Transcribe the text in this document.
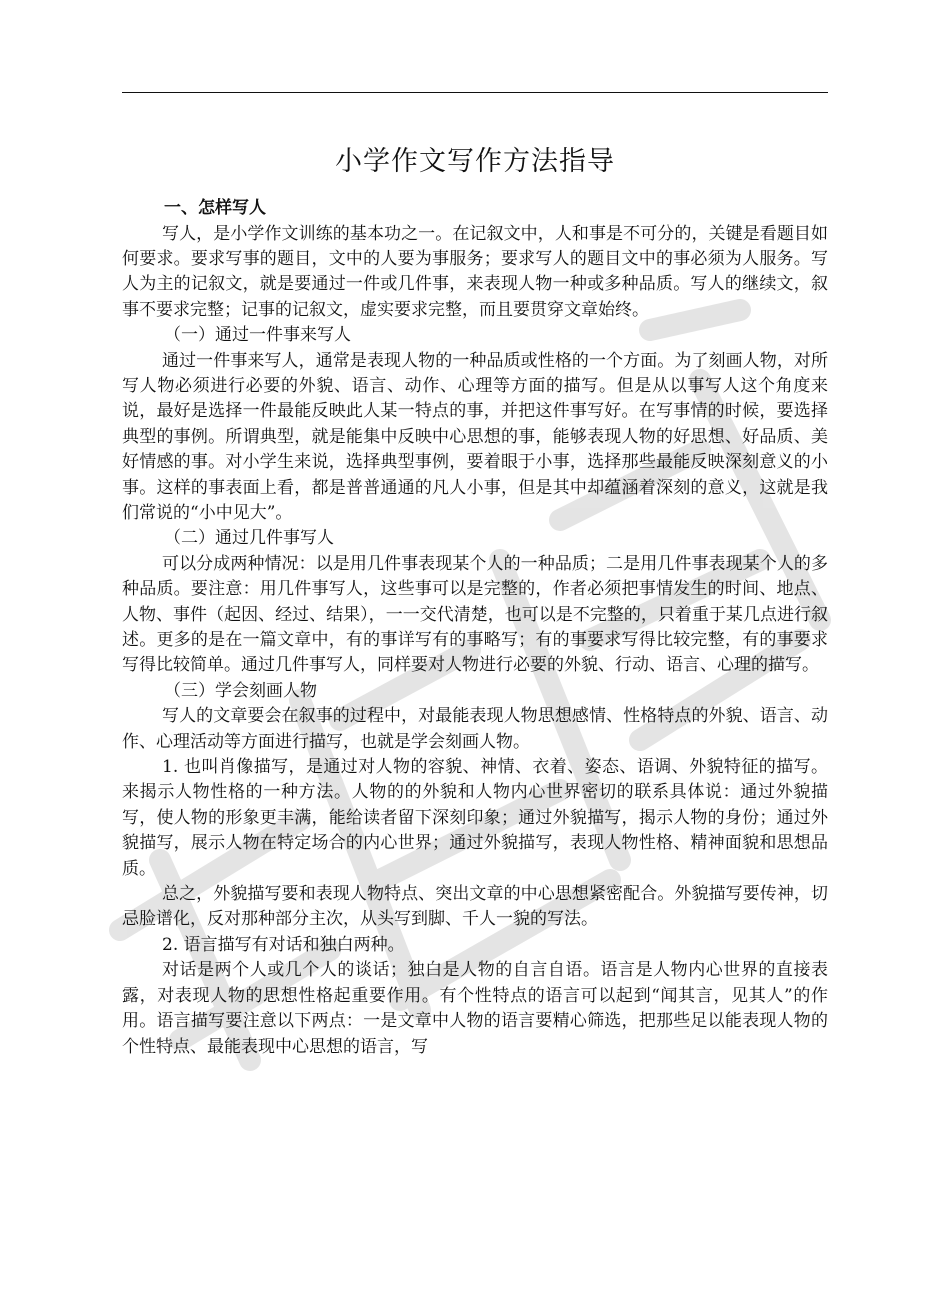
小学作文写作方法指导
一、怎样写人

写人，是小学作文训练的基本功之一。在记叙文中，人和事是不可分的，关键是看题目如何要求。要求写事的题目，文中的人要为事服务；要求写人的题目文中的事必须为人服务。写人为主的记叙文，就是要通过一件或几件事，来表现人物一种或多种品质。写人的继续文，叙事不要求完整；记事的记叙文，虚实要求完整，而且要贯穿文章始终。

（一）通过一件事来写人

通过一件事来写人，通常是表现人物的一种品质或性格的一个方面。为了刻画人物，对所写人物必须进行必要的外貌、语言、动作、心理等方面的描写。但是从以事写人这个角度来说，最好是选择一件最能反映此人某一特点的事，并把这件事写好。在写事情的时候，要选择典型的事例。所谓典型，就是能集中反映中心思想的事，能够表现人物的好思想、好品质、美好情感的事。对小学生来说，选择典型事例，要着眼于小事，选择那些最能反映深刻意义的小事。这样的事表面上看，都是普普通通的凡人小事，但是其中却蕴涵着深刻的意义，这就是我们常说的“小中见大”。

（二）通过几件事写人

可以分成两种情况：以是用几件事表现某个人的一种品质；二是用几件事表现某个人的多种品质。要注意：用几件事写人，这些事可以是完整的，作者必须把事情发生的时间、地点、人物、事件（起因、经过、结果），一一交代清楚，也可以是不完整的，只着重于某几点进行叙述。更多的是在一篇文章中，有的事详写有的事略写；有的事要求写得比较完整，有的事要求写得比较简单。通过几件事写人，同样要对人物进行必要的外貌、行动、语言、心理的描写。

（三）学会刻画人物

写人的文章要会在叙事的过程中，对最能表现人物思想感情、性格特点的外貌、语言、动作、心理活动等方面进行描写，也就是学会刻画人物。

1. 也叫肖像描写，是通过对人物的容貌、神情、衣着、姿态、语调、外貌特征的描写。来揭示人物性格的一种方法。人物的的外貌和人物内心世界密切的联系具体说：通过外貌描写，使人物的形象更丰满，能给读者留下深刻印象；通过外貌描写，揭示人物的身份；通过外貌描写，展示人物在特定场合的内心世界；通过外貌描写，表现人物性格、精神面貌和思想品质。

总之，外貌描写要和表现人物特点、突出文章的中心思想紧密配合。外貌描写要传神，切忌脸谱化，反对那种部分主次，从头写到脚、千人一貌的写法。

2. 语言描写有对话和独白两种。

对话是两个人或几个人的谈话；独白是人物的自言自语。语言是人物内心世界的直接表露，对表现人物的思想性格起重要作用。有个性特点的语言可以起到“闻其言，见其人”的作用。语言描写要注意以下两点：一是文章中人物的语言要精心筛选，把那些足以能表现人物的个性特点、最能表现中心思想的语言，写
